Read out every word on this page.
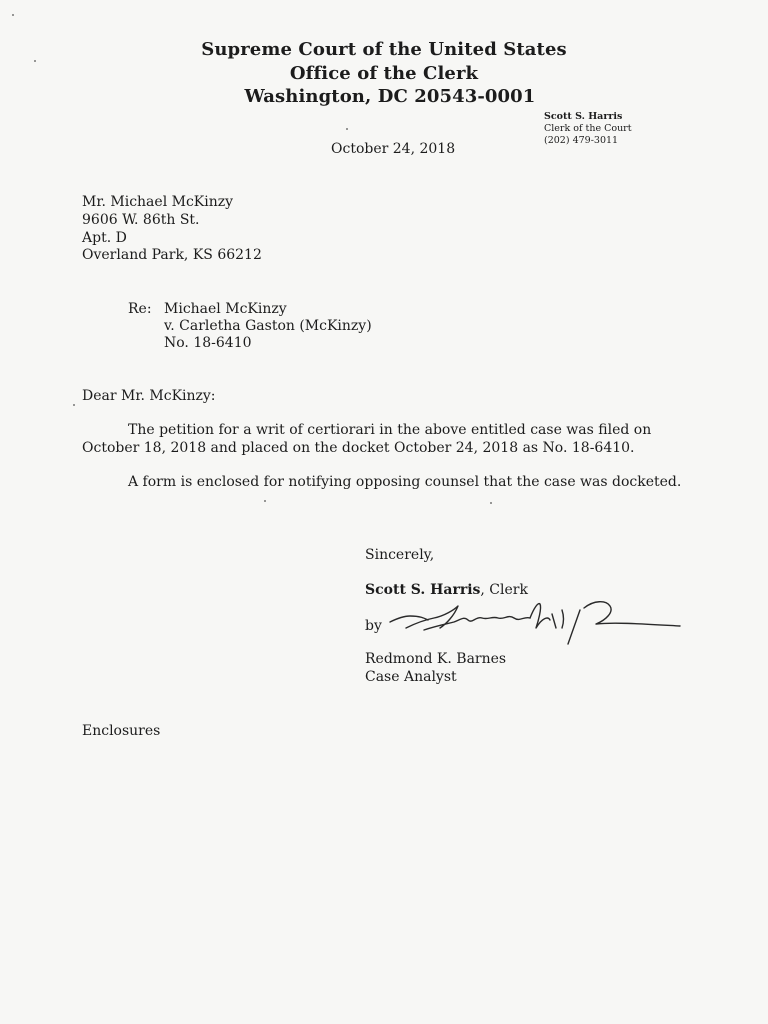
Supreme Court of the United States
Office of the Clerk
Washington, DC 20543-0001
Scott S. Harris
Clerk of the Court
(202) 479-3011
October 24, 2018
Mr. Michael McKinzy
9606 W. 86th St.
Apt. D
Overland Park, KS 66212
Re: Michael McKinzy
v. Carletha Gaston (McKinzy)
No. 18-6410
Dear Mr. McKinzy:
The petition for a writ of certiorari in the above entitled case was filed on
October 18, 2018 and placed on the docket October 24, 2018 as No. 18-6410.
A form is enclosed for notifying opposing counsel that the case was docketed.
Sincerely,
Scott S. Harris, Clerk
by
Redmond K. Barnes
Case Analyst
Enclosures
